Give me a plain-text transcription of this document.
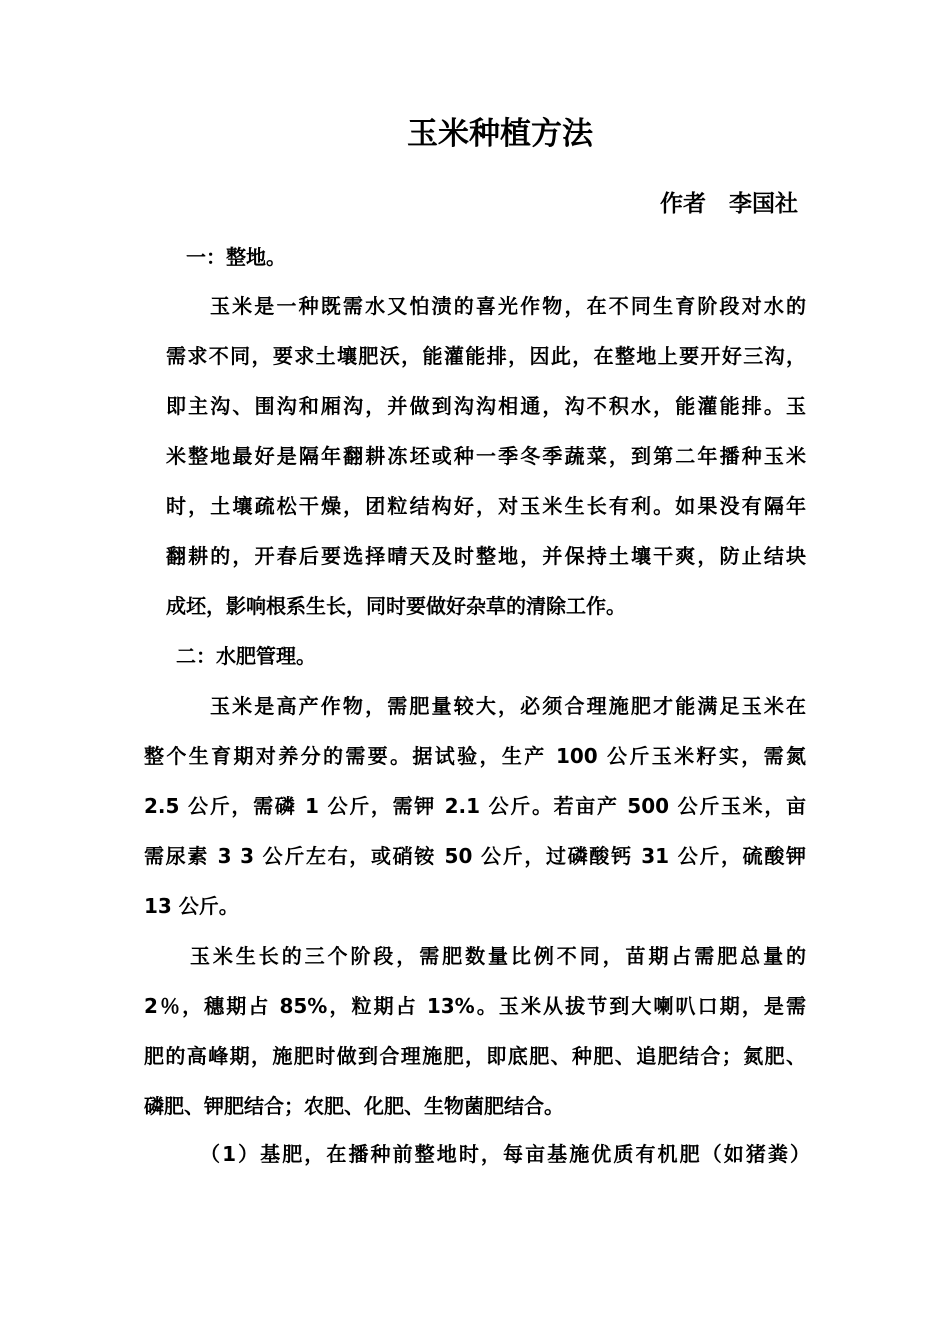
玉米种植方法
作者　李国社
一：整地。
玉米是一种既需水又怕渍的喜光作物，在不同生育阶段对水的
需求不同，要求土壤肥沃，能灌能排，因此，在整地上要开好三沟，
即主沟、围沟和厢沟，并做到沟沟相通，沟不积水，能灌能排。玉
米整地最好是隔年翻耕冻坯或种一季冬季蔬菜，到第二年播种玉米
时，土壤疏松干燥，团粒结构好，对玉米生长有利。如果没有隔年
翻耕的，开春后要选择晴天及时整地，并保持土壤干爽，防止结块
成坯，影响根系生长，同时要做好杂草的清除工作。
二：水肥管理。
玉米是高产作物，需肥量较大，必须合理施肥才能满足玉米在
整个生育期对养分的需要。据试验，生产 100 公斤玉米籽实，需氮
2.5 公斤，需磷 1 公斤，需钾 2.1 公斤。若亩产 500 公斤玉米，亩
需尿素 3 3 公斤左右，或硝铵 50 公斤，过磷酸钙 31 公斤，硫酸钾
13 公斤。
玉米生长的三个阶段，需肥数量比例不同，苗期占需肥总量的
2％，穗期占 85%，粒期占 13%。玉米从拔节到大喇叭口期，是需
肥的高峰期，施肥时做到合理施肥，即底肥、种肥、追肥结合；氮肥、
磷肥、钾肥结合；农肥、化肥、生物菌肥结合。
（1）基肥，在播种前整地时，每亩基施优质有机肥（如猪粪）
